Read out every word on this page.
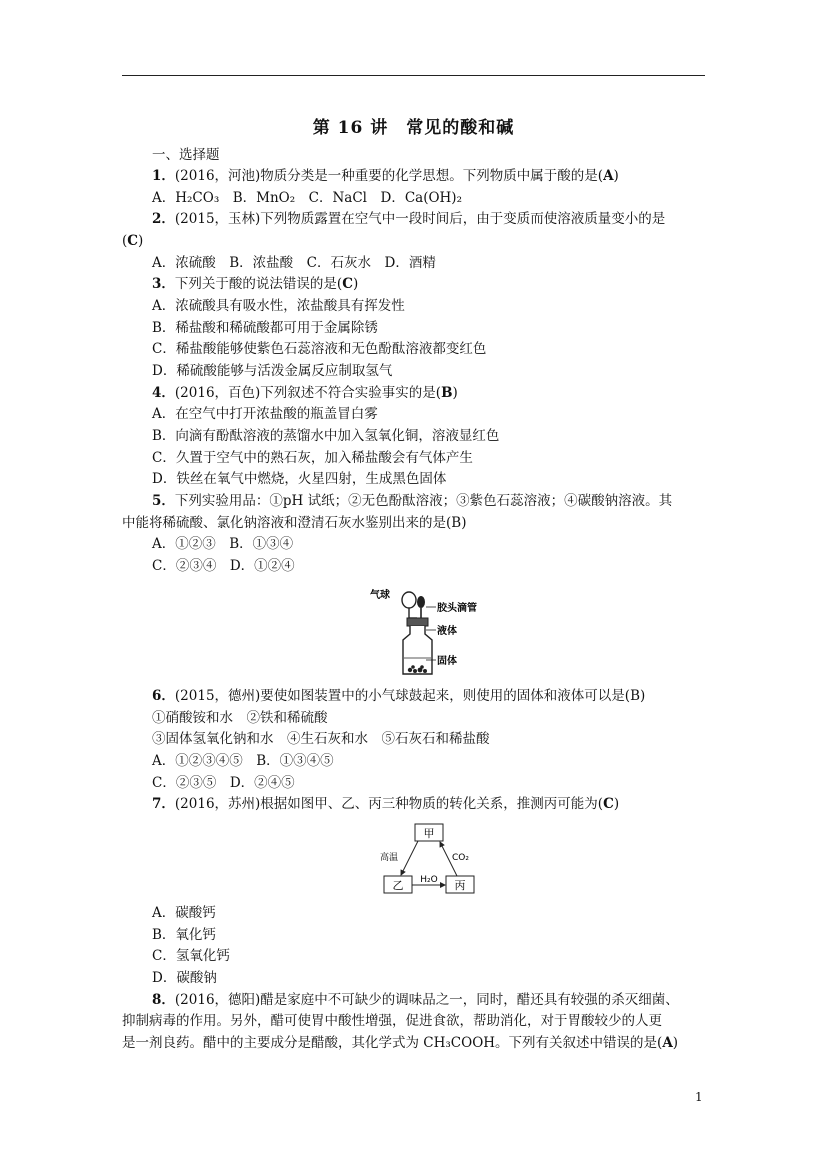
第 16 讲　常见的酸和碱
一、选择题
1．(2016，河池)物质分类是一种重要的化学思想。下列物质中属于酸的是(A)
A．H₂CO₃　B．MnO₂　C．NaCl　D．Ca(OH)₂
2．(2015，玉林)下列物质露置在空气中一段时间后，由于变质而使溶液质量变小的是
(C)
A．浓硫酸　B．浓盐酸　C．石灰水　D．酒精
3．下列关于酸的说法错误的是(C)
A．浓硫酸具有吸水性，浓盐酸具有挥发性
B．稀盐酸和稀硫酸都可用于金属除锈
C．稀盐酸能够使紫色石蕊溶液和无色酚酞溶液都变红色
D．稀硫酸能够与活泼金属反应制取氢气
4．(2016，百色)下列叙述不符合实验事实的是(B)
A．在空气中打开浓盐酸的瓶盖冒白雾
B．向滴有酚酞溶液的蒸馏水中加入氢氧化铜，溶液显红色
C．久置于空气中的熟石灰，加入稀盐酸会有气体产生
D．铁丝在氧气中燃烧，火星四射，生成黑色固体
5．下列实验用品：①pH 试纸；②无色酚酞溶液；③紫色石蕊溶液；④碳酸钠溶液。其
中能将稀硫酸、氯化钠溶液和澄清石灰水鉴别出来的是(B)
A．①②③　B．①③④
C．②③④　D．①②④
气球
胶头滴管
液体
固体
6．(2015，德州)要使如图装置中的小气球鼓起来，则使用的固体和液体可以是(B)
①硝酸铵和水　②铁和稀硫酸
③固体氢氧化钠和水　④生石灰和水　⑤石灰石和稀盐酸
A．①②③④⑤　B．①③④⑤
C．②③⑤　D．②④⑤
7．(2016，苏州)根据如图甲、乙、丙三种物质的转化关系，推测丙可能为(C)
甲
乙	丙
高温	CO₂
H₂O
A．碳酸钙
B．氧化钙
C．氢氧化钙
D．碳酸钠
8．(2016，德阳)醋是家庭中不可缺少的调味品之一，同时，醋还具有较强的杀灭细菌、
抑制病毒的作用。另外，醋可使胃中酸性增强，促进食欲，帮助消化，对于胃酸较少的人更
是一剂良药。醋中的主要成分是醋酸，其化学式为 CH₃COOH。下列有关叙述中错误的是(A)
1
